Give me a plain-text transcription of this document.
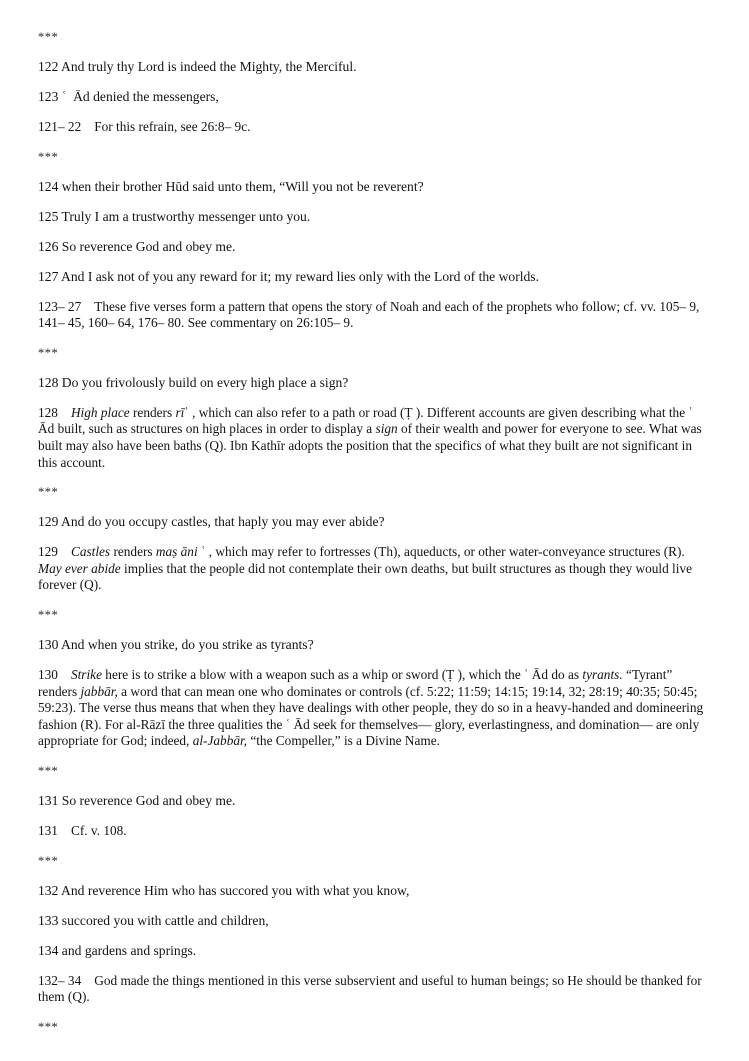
***
122 And truly thy Lord is indeed the Mighty, the Merciful.
123 ʿ  Ād denied the messengers,

121– 22 For this refrain, see 26:8– 9c.

***
124 when their brother Hūd said unto them, “Will you not be reverent?
125 Truly I am a trustworthy messenger unto you.
126 So reverence God and obey me.
127 And I ask not of you any reward for it; my reward lies only with the Lord of the worlds.

123– 27 These five verses form a pattern that opens the story of Noah and each of the prophets who follow; cf. vv. 105– 9, 141– 45, 160– 64, 176– 80. See commentary on 26:105– 9.

***
128 Do you frivolously build on every high place a sign?

128 High place renders rīʾ , which can also refer to a path or road (Ṭ ). Different accounts are given describing what the ʿ Ād built, such as structures on high places in order to display a sign of their wealth and power for everyone to see. What was built may also have been baths (Q). Ibn Kathīr adopts the position that the specifics of what they built are not significant in this account.

***
129 And do you occupy castles, that haply you may ever abide?

129 Castles renders maṣ āni ʿ , which may refer to fortresses (Th), aqueducts, or other water-conveyance structures (R). May ever abide implies that the people did not contemplate their own deaths, but built structures as though they would live forever (Q).

***
130 And when you strike, do you strike as tyrants?

130 Strike here is to strike a blow with a weapon such as a whip or sword (Ṭ ), which the ʿ Ād do as tyrants. “Tyrant” renders jabbār, a word that can mean one who dominates or controls (cf. 5:22; 11:59; 14:15; 19:14, 32; 28:19; 40:35; 50:45; 59:23). The verse thus means that when they have dealings with other people, they do so in a heavy-handed and domineering fashion (R). For al-Rāzī the three qualities the ʿ Ād seek for themselves— glory, everlastingness, and domination— are only appropriate for God; indeed, al-Jabbār, “the Compeller,” is a Divine Name.

***
131 So reverence God and obey me.

131 Cf. v. 108.

***
132 And reverence Him who has succored you with what you know,
133 succored you with cattle and children,
134 and gardens and springs.

132– 34 God made the things mentioned in this verse subservient and useful to human beings; so He should be thanked for them (Q).

***
